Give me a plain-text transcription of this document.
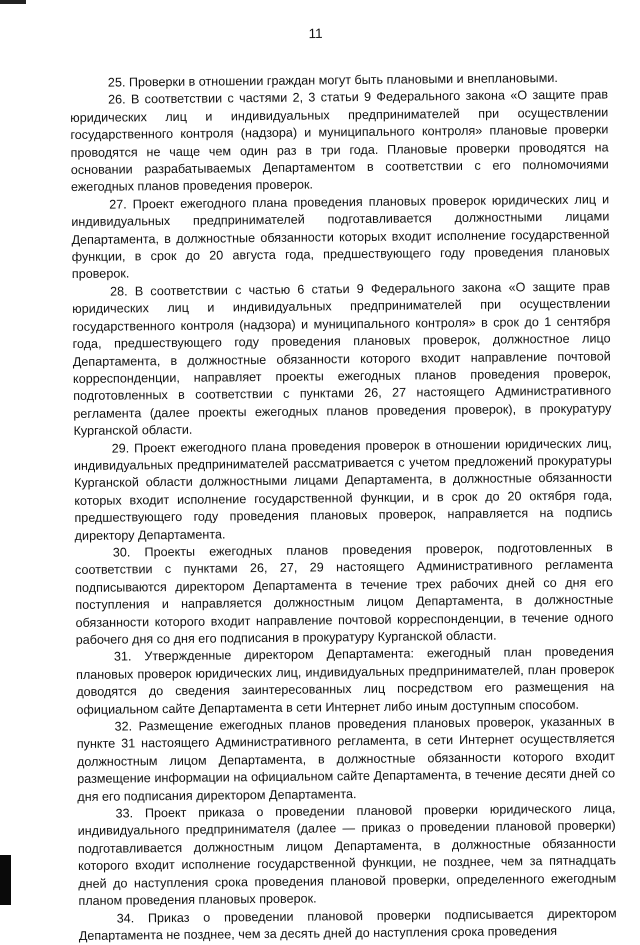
11

25. Проверки в отношении граждан могут быть плановыми и внеплановыми.

26. В соответствии с частями 2, 3 статьи 9 Федерального закона «О защите прав юридических лиц и индивидуальных предпринимателей при осуществлении государственного контроля (надзора) и муниципального контроля» плановые проверки проводятся не чаще чем один раз в три года. Плановые проверки проводятся на основании разрабатываемых Департаментом в соответствии с его полномочиями ежегодных планов проведения проверок.

27. Проект ежегодного плана проведения плановых проверок юридических лиц и индивидуальных предпринимателей подготавливается должностными лицами Департамента, в должностные обязанности которых входит исполнение государственной функции, в срок до 20 августа года, предшествующего году проведения плановых проверок.

28. В соответствии с частью 6 статьи 9 Федерального закона «О защите прав юридических лиц и индивидуальных предпринимателей при осуществлении государственного контроля (надзора) и муниципального контроля» в срок до 1 сентября года, предшествующего году проведения плановых проверок, должностное лицо Департамента, в должностные обязанности которого входит направление почтовой корреспонденции, направляет проекты ежегодных планов проведения проверок, подготовленных в соответствии с пунктами 26, 27 настоящего Административного регламента (далее проекты ежегодных планов проведения проверок), в прокуратуру Курганской области.

29. Проект ежегодного плана проведения проверок в отношении юридических лиц, индивидуальных предпринимателей рассматривается с учетом предложений прокуратуры Курганской области должностными лицами Департамента, в должностные обязанности которых входит исполнение государственной функции, и в срок до 20 октября года, предшествующего году проведения плановых проверок, направляется на подпись директору Департамента.

30. Проекты ежегодных планов проведения проверок, подготовленных в соответствии с пунктами 26, 27, 29 настоящего Административного регламента подписываются директором Департамента в течение трех рабочих дней со дня его поступления и направляется должностным лицом Департамента, в должностные обязанности которого входит направление почтовой корреспонденции, в течение одного рабочего дня со дня его подписания в прокуратуру Курганской области.

31. Утвержденные директором Департамента: ежегодный план проведения плановых проверок юридических лиц, индивидуальных предпринимателей, план проверок доводятся до сведения заинтересованных лиц посредством его размещения на официальном сайте Департамента в сети Интернет либо иным доступным способом.

32. Размещение ежегодных планов проведения плановых проверок, указанных в пункте 31 настоящего Административного регламента, в сети Интернет осуществляется должностным лицом Департамента, в должностные обязанности которого входит размещение информации на официальном сайте Департамента, в течение десяти дней со дня его подписания директором Департамента.

33. Проект приказа о проведении плановой проверки юридического лица, индивидуального предпринимателя (далее — приказ о проведении плановой проверки) подготавливается должностным лицом Департамента, в должностные обязанности которого входит исполнение государственной функции, не позднее, чем за пятнадцать дней до наступления срока проведения плановой проверки, определенного ежегодным планом проведения плановых проверок.

34. Приказ о проведении плановой проверки подписывается директором Департамента не позднее, чем за десять дней до наступления срока проведения
